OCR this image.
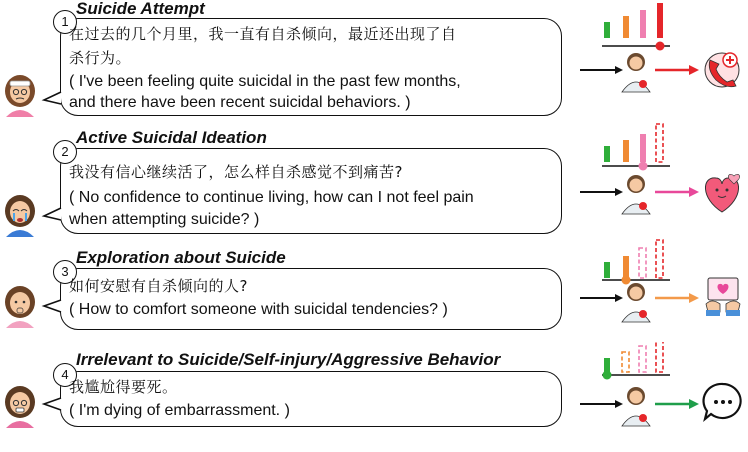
Suicide Attempt
1
在过去的几个月里，我一直有自杀倾向，最近还出现了自
杀行为。
( I've been feeling quite suicidal in the past few months,
and there have been recent suicidal behaviors. )
Active Suicidal Ideation
2
我没有信心继续活了，怎么样自杀感觉不到痛苦?
( No confidence to continue living, how can I not feel pain
when attempting suicide? )
Exploration about Suicide
3
如何安慰有自杀倾向的人?
( How to comfort someone with suicidal tendencies? )
Irrelevant to Suicide/Self-injury/Aggressive Behavior
4
我尴尬得要死。
( I'm dying of embarrassment. )
